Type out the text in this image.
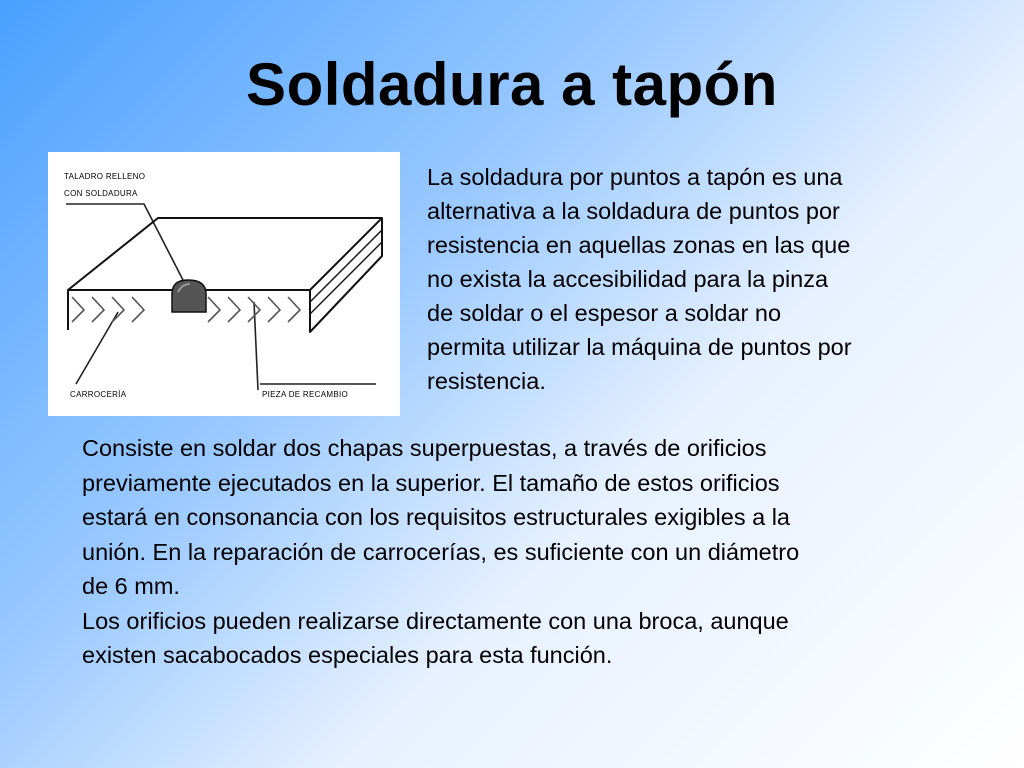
Soldadura a tapón
TALADRO RELLENO
CON SOLDADURA
CARROCERÍA	PIEZA DE RECAMBIO
La soldadura por puntos a tapón es una
alternativa a la soldadura de puntos por
resistencia en aquellas zonas en las que
no exista la accesibilidad para la pinza
de soldar o el espesor a soldar no
permita utilizar la máquina de puntos por
resistencia.

Consiste en soldar dos chapas superpuestas, a través de orificios
previamente ejecutados en la superior. El tamaño de estos orificios
estará en consonancia con los requisitos estructurales exigibles a la
unión. En la reparación de carrocerías, es suficiente con un diámetro
de 6 mm.

Los orificios pueden realizarse directamente con una broca, aunque
existen sacabocados especiales para esta función.
